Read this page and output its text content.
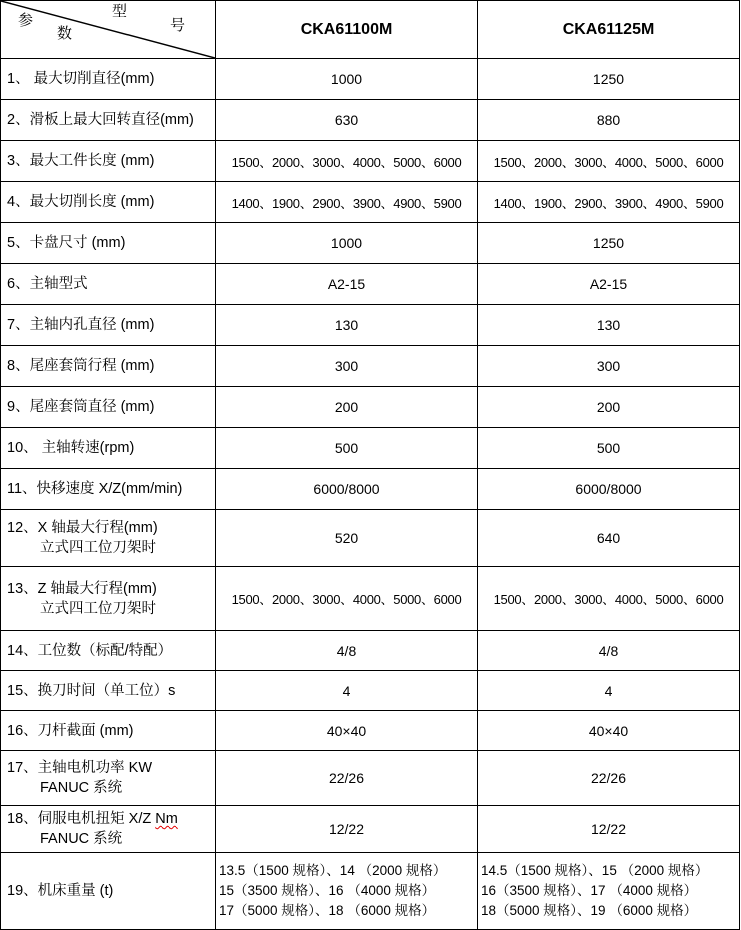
参
数
型
号	CKA61100M	CKA61125M
1、 最大切削直径(mm)	1000	1250
2、滑板上最大回转直径(mm)	630	880
3、最大工件长度 (mm)	1500、2000、3000、4000、5000、6000	1500、2000、3000、4000、5000、6000
4、最大切削长度 (mm)	1400、1900、2900、3900、4900、5900	1400、1900、2900、3900、4900、5900
5、卡盘尺寸 (mm)	1000	1250
6、主轴型式	A2-15	A2-15
7、主轴内孔直径 (mm)	130	130
8、尾座套筒行程 (mm)	300	300
9、尾座套筒直径 (mm)	200	200
10、 主轴转速(rpm)	500	500
11、快移速度 X/Z(mm/min)	6000/8000	6000/8000
12、X 轴最大行程(mm)
立式四工位刀架时	520	640
13、Z 轴最大行程(mm)
立式四工位刀架时	1500、2000、3000、4000、5000、6000	1500、2000、3000、4000、5000、6000
14、工位数（标配/特配）	4/8	4/8
15、换刀时间（单工位）s	4	4
16、刀杆截面 (mm)	40×40	40×40
17、主轴电机功率 KW
FANUC 系统	22/26	22/26
18、伺服电机扭矩 X/Z Nm
FANUC 系统	12/22	12/22
19、机床重量 (t)	13.5（1500 规格）、14 （2000 规格）
15（3500 规格）、16 （4000 规格）
17（5000 规格）、18 （6000 规格）	14.5（1500 规格）、15 （2000 规格）
16（3500 规格）、17 （4000 规格）
18（5000 规格）、19 （6000 规格）
